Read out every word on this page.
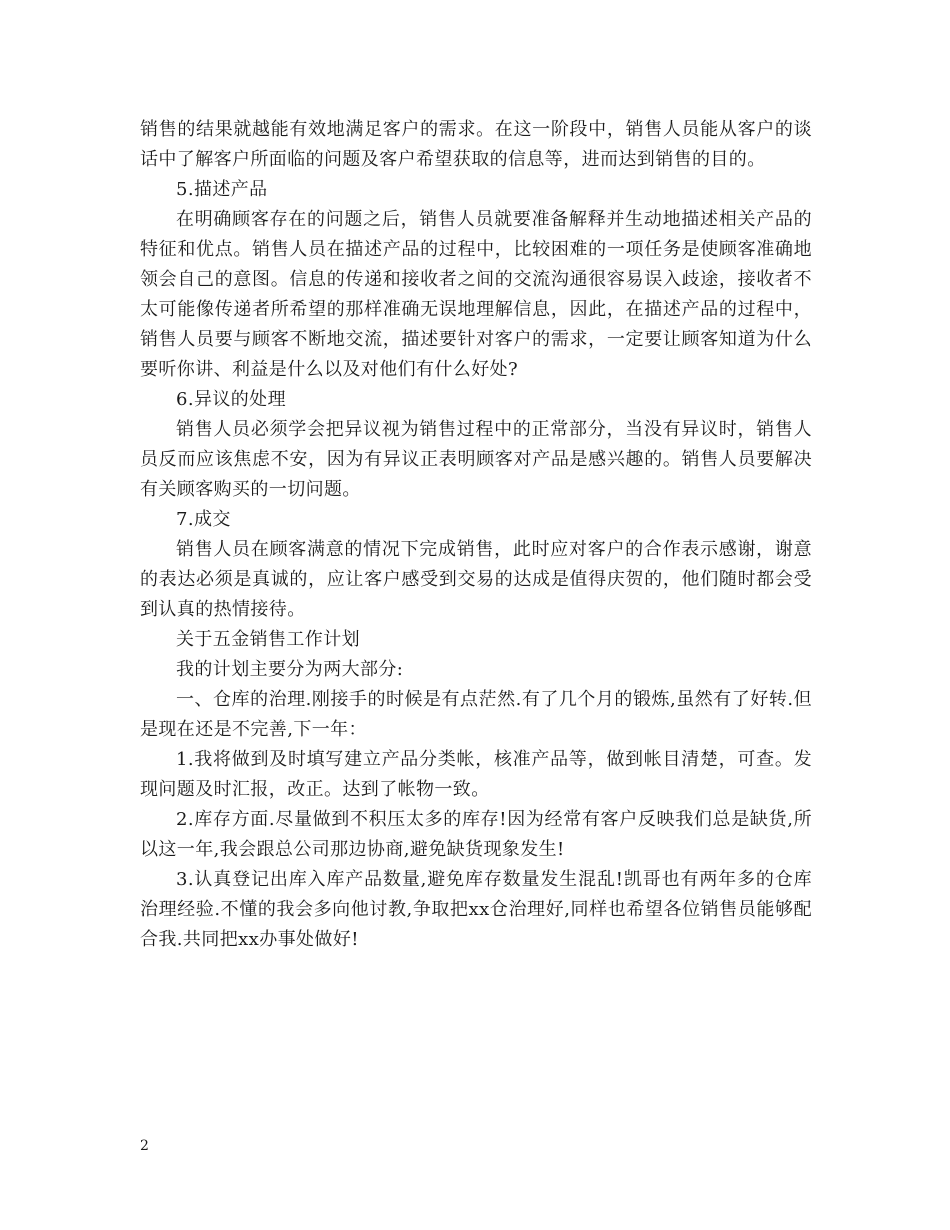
销售的结果就越能有效地满足客户的需求。在这一阶段中，销售人员能从客户的谈话中了解客户所面临的问题及客户希望获取的信息等，进而达到销售的目的。

5.描述产品

在明确顾客存在的问题之后，销售人员就要准备解释并生动地描述相关产品的特征和优点。销售人员在描述产品的过程中，比较困难的一项任务是使顾客准确地领会自己的意图。信息的传递和接收者之间的交流沟通很容易误入歧途，接收者不太可能像传递者所希望的那样准确无误地理解信息，因此，在描述产品的过程中，销售人员要与顾客不断地交流，描述要针对客户的需求，一定要让顾客知道为什么要听你讲、利益是什么以及对他们有什么好处?

6.异议的处理

销售人员必须学会把异议视为销售过程中的正常部分，当没有异议时，销售人员反而应该焦虑不安，因为有异议正表明顾客对产品是感兴趣的。销售人员要解决有关顾客购买的一切问题。

7.成交

销售人员在顾客满意的情况下完成销售，此时应对客户的合作表示感谢，谢意的表达必须是真诚的，应让客户感受到交易的达成是值得庆贺的，他们随时都会受到认真的热情接待。

关于五金销售工作计划

我的计划主要分为两大部分:

一、仓库的治理.刚接手的时候是有点茫然.有了几个月的锻炼,虽然有了好转.但是现在还是不完善,下一年：

1.我将做到及时填写建立产品分类帐，核准产品等，做到帐目清楚，可查。发现问题及时汇报，改正。达到了帐物一致。

2.库存方面.尽量做到不积压太多的库存!因为经常有客户反映我们总是缺货,所以这一年,我会跟总公司那边协商,避免缺货现象发生!

3.认真登记出库入库产品数量,避免库存数量发生混乱!凯哥也有两年多的仓库治理经验.不懂的我会多向他讨教,争取把xx仓治理好,同样也希望各位销售员能够配合我.共同把xx办事处做好!

2
